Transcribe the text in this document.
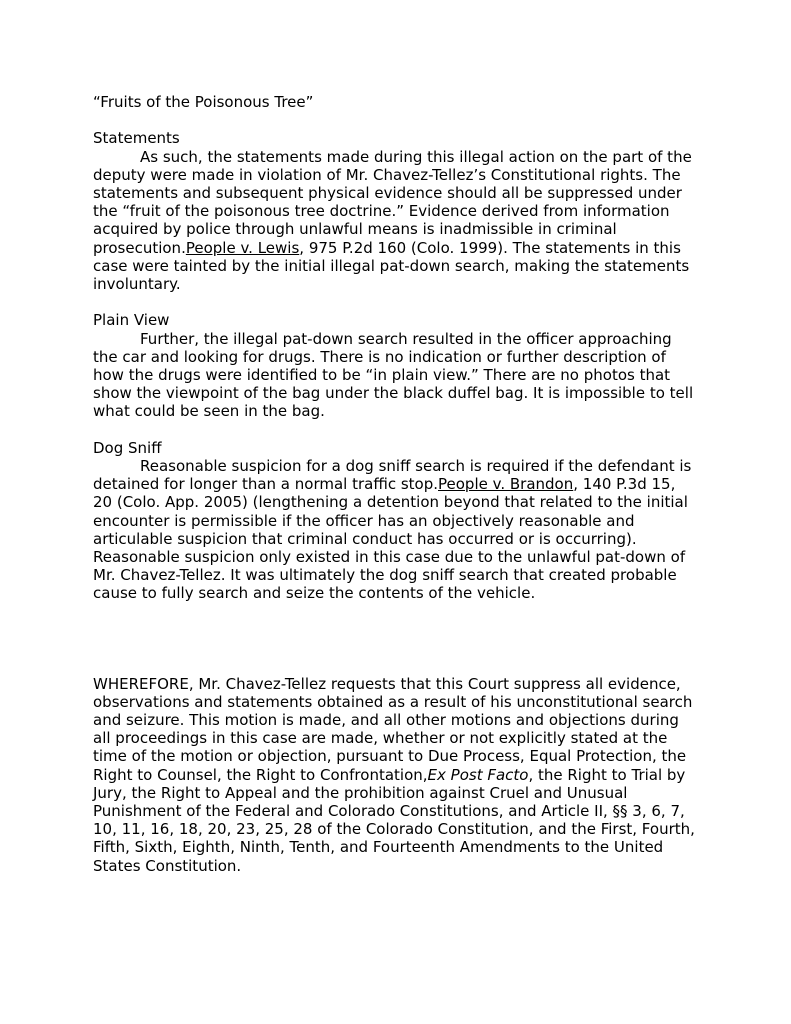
“Fruits of the Poisonous Tree”

Statements

As such, the statements made during this illegal action on the part of the deputy were made in violation of Mr. Chavez-Tellez’s Constitutional rights. The statements and subsequent physical evidence should all be suppressed under the “fruit of the poisonous tree doctrine.” Evidence derived from information acquired by police through unlawful means is inadmissible in criminal prosecution.People v. Lewis, 975 P.2d 160 (Colo. 1999). The statements in this case were tainted by the initial illegal pat-down search, making the statements involuntary.

Plain View

Further, the illegal pat-down search resulted in the officer approaching the car and looking for drugs. There is no indication or further description of how the drugs were identified to be “in plain view.” There are no photos that show the viewpoint of the bag under the black duffel bag. It is impossible to tell what could be seen in the bag.

Dog Sniff

Reasonable suspicion for a dog sniff search is required if the defendant is detained for longer than a normal traffic stop.People v. Brandon, 140 P.3d 15, 20 (Colo. App. 2005) (lengthening a detention beyond that related to the initial encounter is permissible if the officer has an objectively reasonable and articulable suspicion that criminal conduct has occurred or is occurring). Reasonable suspicion only existed in this case due to the unlawful pat-down of Mr. Chavez-Tellez. It was ultimately the dog sniff search that created probable cause to fully search and seize the contents of the vehicle.

WHEREFORE, Mr. Chavez-Tellez requests that this Court suppress all evidence, observations and statements obtained as a result of his unconstitutional search and seizure. This motion is made, and all other motions and objections during all proceedings in this case are made, whether or not explicitly stated at the time of the motion or objection, pursuant to Due Process, Equal Protection, the Right to Counsel, the Right to Confrontation,Ex Post Facto, the Right to Trial by Jury, the Right to Appeal and the prohibition against Cruel and Unusual Punishment of the Federal and Colorado Constitutions, and Article II, §§ 3, 6, 7, 10, 11, 16, 18, 20, 23, 25, 28 of the Colorado Constitution, and the First, Fourth, Fifth, Sixth, Eighth, Ninth, Tenth, and Fourteenth Amendments to the United States Constitution.
